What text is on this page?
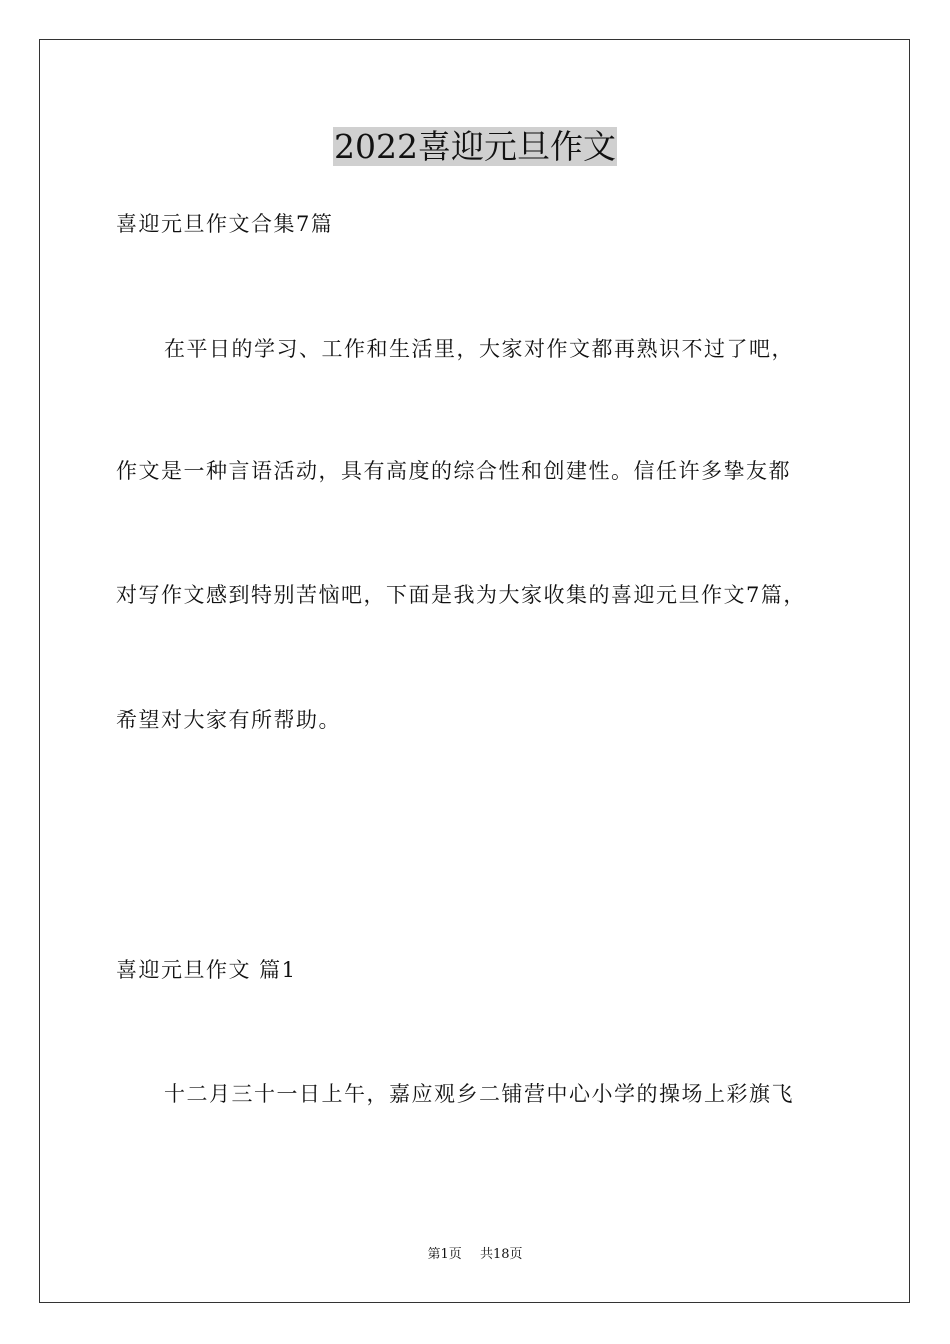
2022喜迎元旦作文
喜迎元旦作文合集7篇
在平日的学习、工作和生活里，大家对作文都再熟识不过了吧，
作文是一种言语活动，具有高度的综合性和创建性。信任许多挚友都
对写作文感到特别苦恼吧，下面是我为大家收集的喜迎元旦作文7篇，
希望对大家有所帮助。
喜迎元旦作文 篇1
十二月三十一日上午，嘉应观乡二铺营中心小学的操场上彩旗飞
第1页 共18页
